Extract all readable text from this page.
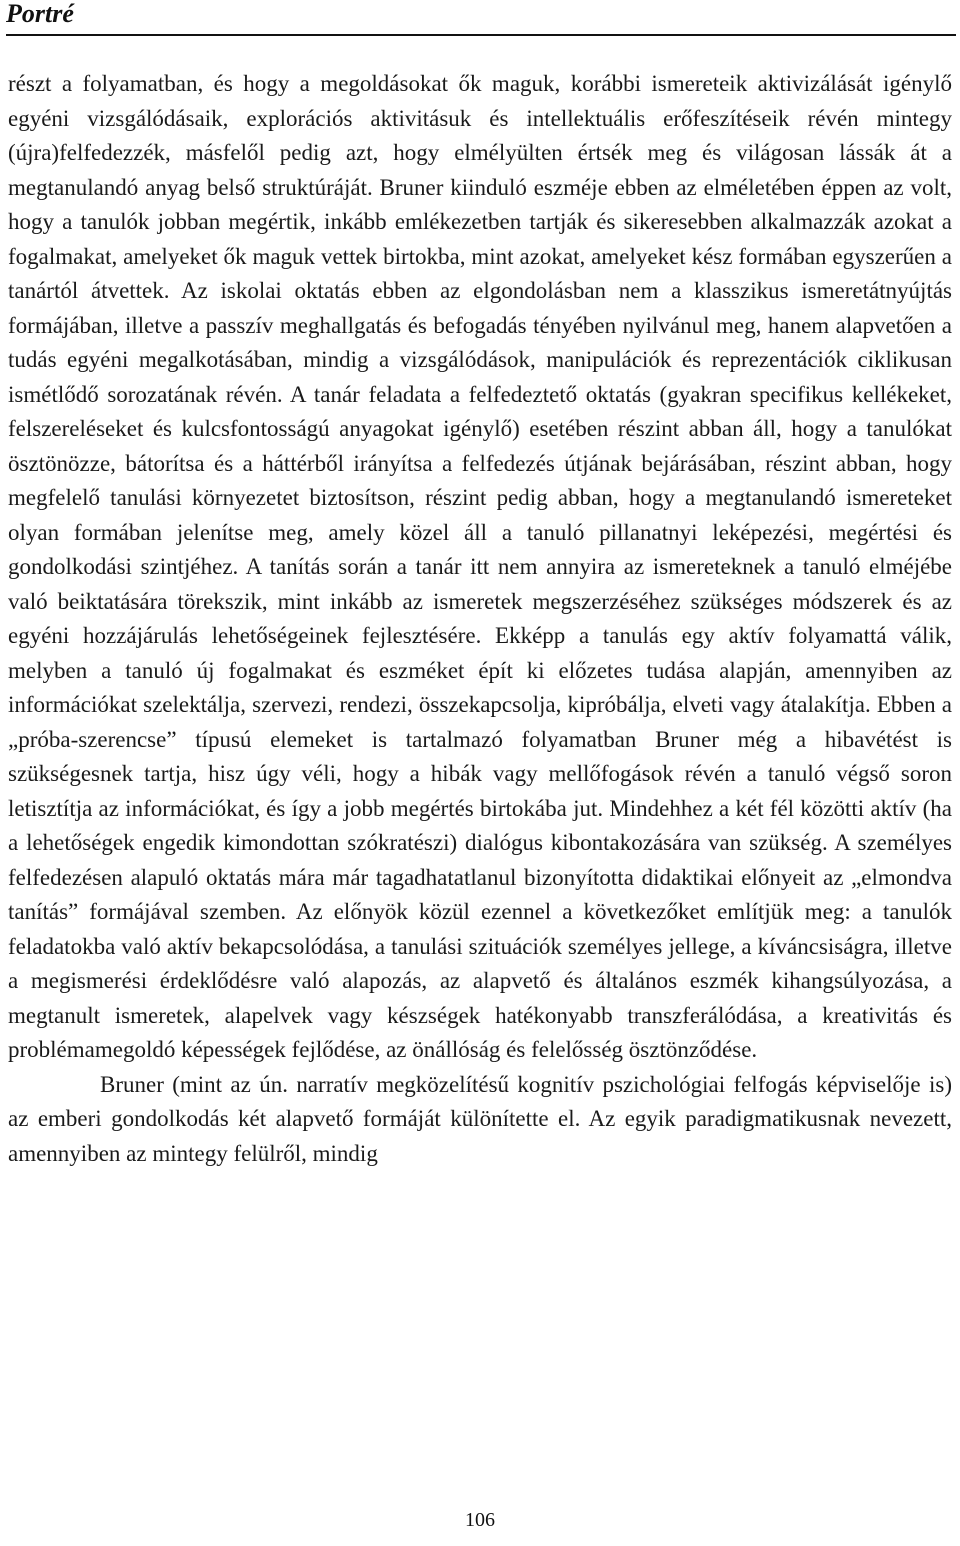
Portré

részt a folyamatban, és hogy a megoldásokat ők maguk, korábbi ismereteik aktivizálását igénylő egyéni vizsgálódásaik, explorációs aktivitásuk és intellektuális erőfeszítéseik révén mintegy (újra)felfedezzék, másfelől pedig azt, hogy elmélyülten értsék meg és világosan lássák át a megtanulandó anyag belső struktúráját. Bruner kiinduló eszméje ebben az elméletében éppen az volt, hogy a tanulók jobban megértik, inkább emlékezetben tartják és sikeresebben alkalmazzák azokat a fogalmakat, amelyeket ők maguk vettek birtokba, mint azokat, amelyeket kész formában egyszerűen a tanártól átvettek. Az iskolai oktatás ebben az elgondolásban nem a klasszikus ismeretátnyújtás formájában, illetve a passzív meghallgatás és befogadás tényében nyilvánul meg, hanem alapvetően a tudás egyéni megalkotásában, mindig a vizsgálódások, manipulációk és reprezentációk ciklikusan ismétlődő sorozatának révén. A tanár feladata a felfedeztető oktatás (gyakran specifikus kellékeket, felszereléseket és kulcsfontosságú anyagokat igénylő) esetében részint abban áll, hogy a tanulókat ösztönözze, bátorítsa és a háttérből irányítsa a felfedezés útjának bejárásában, részint abban, hogy megfelelő tanulási környezetet biztosítson, részint pedig abban, hogy a megtanulandó ismereteket olyan formában jelenítse meg, amely közel áll a tanuló pillanatnyi leképezési, megértési és gondolkodási szintjéhez. A tanítás során a tanár itt nem annyira az ismereteknek a tanuló elméjébe való beiktatására törekszik, mint inkább az ismeretek megszerzéséhez szükséges módszerek és az egyéni hozzájárulás lehetőségeinek fejlesztésére. Ekképp a tanulás egy aktív folyamattá válik, melyben a tanuló új fogalmakat és eszméket épít ki előzetes tudása alapján, amennyiben az információkat szelektálja, szervezi, rendezi, összekapcsolja, kipróbálja, elveti vagy átalakítja. Ebben a „próba-szerencse” típusú elemeket is tartalmazó folyamatban Bruner még a hibavétést is szükségesnek tartja, hisz úgy véli, hogy a hibák vagy mellőfogások révén a tanuló végső soron letisztítja az információkat, és így a jobb megértés birtokába jut. Mindehhez a két fél közötti aktív (ha a lehetőségek engedik kimondottan szókratészi) dialógus kibontakozására van szükség. A személyes felfedezésen alapuló oktatás mára már tagadhatatlanul bizonyította didaktikai előnyeit az „elmondva tanítás” formájával szemben. Az előnyök közül ezennel a következőket említjük meg: a tanulók feladatokba való aktív bekapcsolódása, a tanulási szituációk személyes jellege, a kíváncsiságra, illetve a megismerési érdeklődésre való alapozás, az alapvető és általános eszmék kihangsúlyozása, a megtanult ismeretek, alapelvek vagy készségek hatékonyabb transzferálódása, a kreativitás és problémamegoldó képességek fejlődése, az önállóság és felelősség ösztönződése.

Bruner (mint az ún. narratív megközelítésű kognitív pszichológiai felfogás képviselője is) az emberi gondolkodás két alapvető formáját különítette el. Az egyik paradigmatikusnak nevezett, amennyiben az mintegy felülről, mindig

106
